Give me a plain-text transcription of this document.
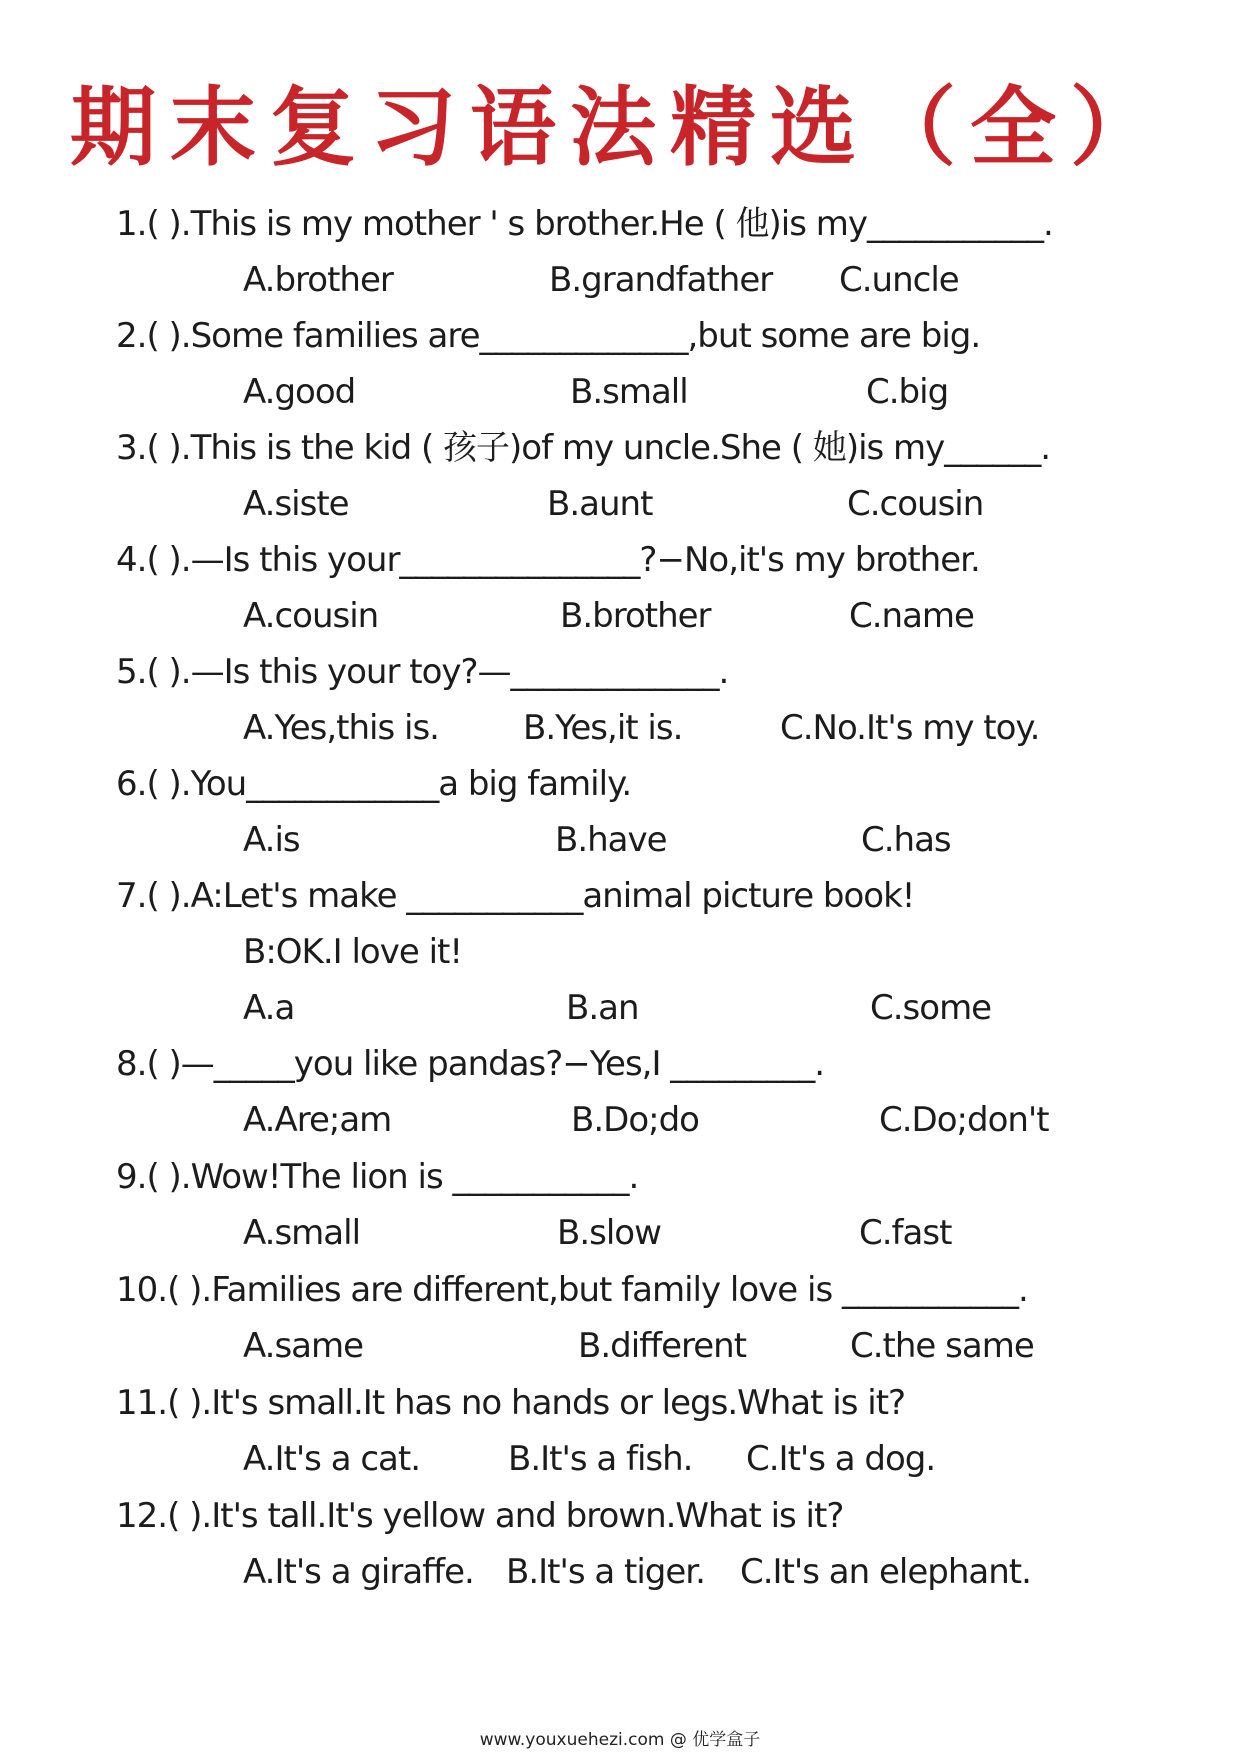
期末复习语法精选（全）
1.( ).This is my mother ' s brother.He ( 他)is my___________.
A.brother	B.grandfather C.uncle
2.( ).Some families are_____________,but some are big.
A.good	B.small	C.big
3.( ).This is the kid ( 孩子)of my uncle.She ( 她)is my______.
A.siste	B.aunt	C.cousin
4.( ).—Is this your_______________?−No,it's my brother.
A.cousin	B.brother	C.name
5.( ).—Is this your toy?—_____________.
A.Yes,this is. B.Yes,it is.	C.No.It's my toy.
6.( ).You____________a big family.
A.is	B.have	C.has
7.( ).A:Let's make ___________animal picture book!
B:OK.I love it!
A.a	B.an	C.some
8.( )—_____you like pandas?−Yes,I _________.
A.Are;am	B.Do;do	C.Do;don't
9.( ).Wow!The lion is ___________.
A.small	B.slow	C.fast
10.( ).Families are different,but family love is ___________.
A.same	B.different	C.the same
11.( ).It's small.It has no hands or legs.What is it?
A.It's a cat.	B.It's a fish. C.It's a dog.
12.( ).It's tall.It's yellow and brown.What is it?
A.It's a giraffe. B.It's a tiger. C.It's an elephant.
www.youxuehezi.com @ 优学盒子
